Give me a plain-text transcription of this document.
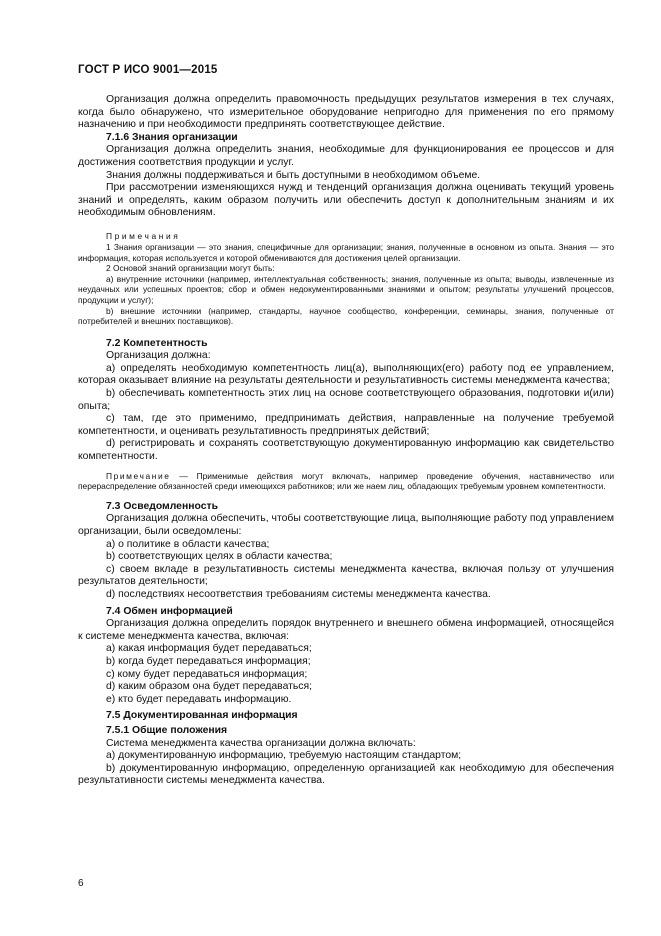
ГОСТ Р ИСО 9001—2015

Организация должна определить правомочность предыдущих результатов измерения в тех случаях, когда было обнаружено, что измерительное оборудование непригодно для применения по его прямому назначению и при необходимости предпринять соответствующее действие.

7.1.6 Знания организации

Организация должна определить знания, необходимые для функционирования ее процессов и для достижения соответствия продукции и услуг.

Знания должны поддерживаться и быть доступными в необходимом объеме.

При рассмотрении изменяющихся нужд и тенденций организация должна оценивать текущий уровень знаний и определять, каким образом получить или обеспечить доступ к дополнительным знаниям и их необходимым обновлениям.

Примечания

1 Знания организации — это знания, специфичные для организации; знания, полученные в основном из опыта. Знания — это информация, которая используется и которой обмениваются для достижения целей организации.

2 Основой знаний организации могут быть:

а) внутренние источники (например, интеллектуальная собственность; знания, полученные из опыта; выводы, извлеченные из неудачных или успешных проектов; сбор и обмен недокументированными знаниями и опытом; результаты улучшений процессов, продукции и услуг);

b) внешние источники (например, стандарты, научное сообщество, конференции, семинары, знания, полученные от потребителей и внешних поставщиков).

7.2 Компетентность

Организация должна:

а) определять необходимую компетентность лиц(а), выполняющих(его) работу под ее управлением, которая оказывает влияние на результаты деятельности и результативность системы менеджмента качества;

b) обеспечивать компетентность этих лиц на основе соответствующего образования, подготовки и(или) опыта;

с) там, где это применимо, предпринимать действия, направленные на получение требуемой компетентности, и оценивать результативность предпринятых действий;

d) регистрировать и сохранять соответствующую документированную информацию как свидетельство компетентности.

Примечание — Применимые действия могут включать, например проведение обучения, наставничество или перераспределение обязанностей среди имеющихся работников; или же наем лиц, обладающих требуемым уровнем компетентности.

7.3 Осведомленность

Организация должна обеспечить, чтобы соответствующие лица, выполняющие работу под управлением организации, были осведомлены:

а) о политике в области качества;

b) соответствующих целях в области качества;

с) своем вкладе в результативность системы менеджмента качества, включая пользу от улучшения результатов деятельности;

d) последствиях несоответствия требованиям системы менеджмента качества.

7.4 Обмен информацией

Организация должна определить порядок внутреннего и внешнего обмена информацией, относящейся к системе менеджмента качества, включая:

а) какая информация будет передаваться;

b) когда будет передаваться информация;

с) кому будет передаваться информация;

d) каким образом она будет передаваться;

е) кто будет передавать информацию.

7.5 Документированная информация

7.5.1 Общие положения

Система менеджмента качества организации должна включать:

а) документированную информацию, требуемую настоящим стандартом;

b) документированную информацию, определенную организацией как необходимую для обеспечения результативности системы менеджмента качества.

6
